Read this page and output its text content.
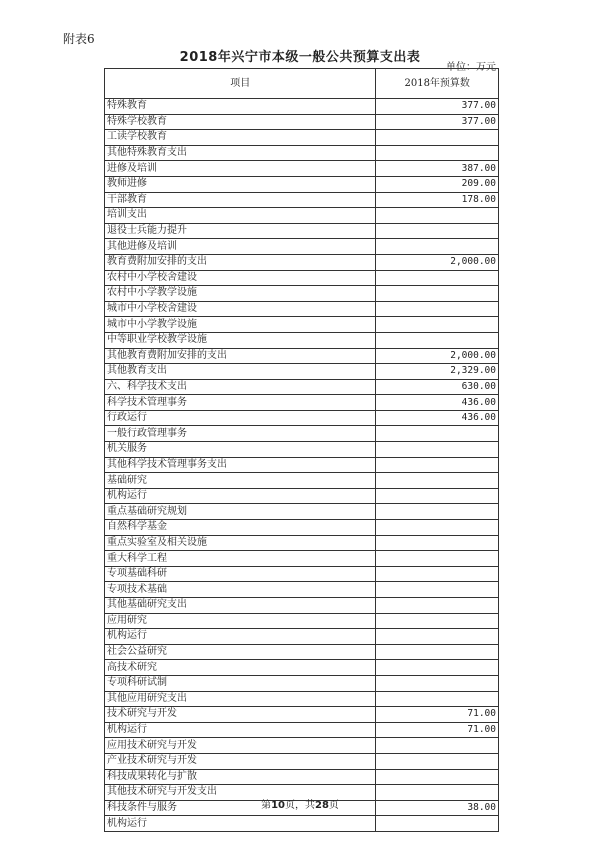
附表6
2018年兴宁市本级一般公共预算支出表
单位：万元
项目	2018年预算数
特殊教育	377.00
特殊学校教育	377.00
工读学校教育	
其他特殊教育支出	
进修及培训	387.00
教师进修	209.00
干部教育	178.00
培训支出	
退役士兵能力提升	
其他进修及培训	
教育费附加安排的支出	2,000.00
农村中小学校舍建设	
农村中小学教学设施	
城市中小学校舍建设	
城市中小学教学设施	
中等职业学校教学设施	
其他教育费附加安排的支出	2,000.00
其他教育支出	2,329.00
六、科学技术支出	630.00
科学技术管理事务	436.00
行政运行	436.00
一般行政管理事务	
机关服务	
其他科学技术管理事务支出	
基础研究	
机构运行	
重点基础研究规划	
自然科学基金	
重点实验室及相关设施	
重大科学工程	
专项基础科研	
专项技术基础	
其他基础研究支出	
应用研究	
机构运行	
社会公益研究	
高技术研究	
专项科研试制	
其他应用研究支出	
技术研究与开发	71.00
机构运行	71.00
应用技术研究与开发	
产业技术研究与开发	
科技成果转化与扩散	
其他技术研究与开发支出	
科技条件与服务	38.00
机构运行	
第10页，共28页
